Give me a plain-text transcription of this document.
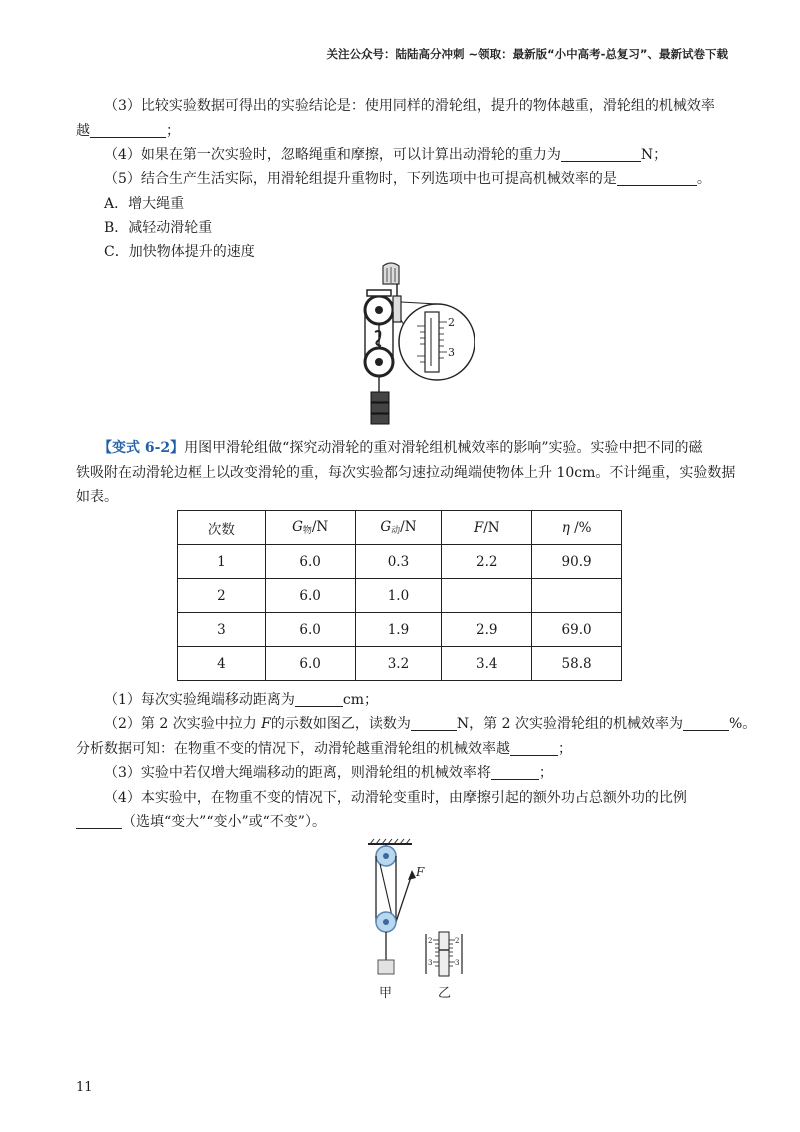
关注公众号：陆陆高分冲刺 ~领取：最新版“小中高考-总复习”、最新试卷下载
（3）比较实验数据可得出的实验结论是：使用同样的滑轮组，提升的物体越重，滑轮组的机械效率
越	；
（4）如果在第一次实验时，忽略绳重和摩擦，可以计算出动滑轮的重力为	N；
（5）结合生产生活实际，用滑轮组提升重物时，下列选项中也可提高机械效率的是	。
A．增大绳重
B．减轻动滑轮重
C．加快物体提升的速度
2
3
【变式 6-2】用图甲滑轮组做“探究动滑轮的重对滑轮组机械效率的影响”实验。实验中把不同的磁
铁吸附在动滑轮边框上以改变滑轮的重，每次实验都匀速拉动绳端使物体上升 10cm。不计绳重，实验数据
如表。
次数	$G_物/N$	$G_动/N$	F/N	η /%
1	6.0	0.3	2.2	90.9
2	6.0	1.0		
3	6.0	1.9	2.9	69.0
4	6.0	3.2	3.4	58.8
（1）每次实验绳端移动距离为	cm；
（2）第 2 次实验中拉力 F的示数如图乙，读数为	N，第 2 次实验滑轮组的机械效率为	%。
分析数据可知：在物重不变的情况下，动滑轮越重滑轮组的机械效率越	；
（3）实验中若仅增大绳端移动的距离，则滑轮组的机械效率将	；
（4）本实验中，在物重不变的情况下，动滑轮变重时，由摩擦引起的额外功占总额外功的比例
（选填“变大”“变小”或“不变”）。
F
甲
2	2
3	3
乙
11
